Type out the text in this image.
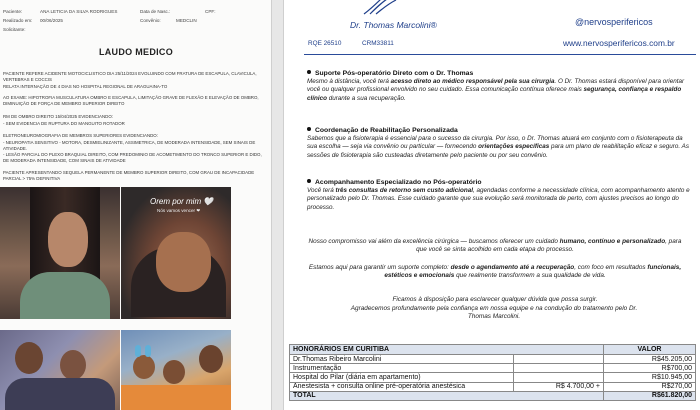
Paciente:	ANA LETICIA DA SILVA RODRIGUES	Data de Nasc.:	CPF:
Realizado em: 00/06/2025	Convênio:	MEDCLIN
Solicitante:
LAUDO MEDICO
PACIENTE REFERE ACIDENTE MOTOCICLISTICO DIA 25/11/2024 EVOLUINDO COM FRATURA DE ESCAPULA, CLAVICULA, VERTEBRAS E COCCIS
RELATA INTERNAÇÃO DE 4 DIAS NO HOSPITAL REGIONAL DE ARAGUAINA-TO
AO EXAME: HIPOTROFIA MUSCULATURA OMBRO E ESCAPULA, LIMITAÇÃO GRAVE DE FLEXÃO E ELEVAÇÃO DE OMBRO, DIMINUIÇÃO DE FORÇA DE MEMBRO SUPERIOR DIREITO
RM DE OMBRO DIREITO 15/04/2025 EVIDENCIANDO:
- SEM EVIDENCIA DE RUPTURA DO MANGUITO ROTADOR
ELETRONEUROMIOGRAFIA DE MEMBROS SUPERIORES EVIDENCIANDO:
- NEUROPATIA SENSITIVO - MOTORA, DESMIELINIZANTE, ASSIMETRICA, DE MODERADA INTENSIDADE, SEM SINAIS DE ATIVIDADE.
- LESÃO PARCIAL DO PLEXO BRAQUIAL DIREITO, COM PREDOMINIO DE ACOMETIMENTO DO TRONCO SUPERIOR E DIDO, DE MODERADA INTENSIDADE, COM SINAIS DE ATIVIDADE
PACIENTE APRESENTANDO SEQUELA PERMANENTE DE MEMBRO SUPERIOR DIREITO, COM GRAU DE INCAPACIDADE PARCIAL > 75% DEFINITIVA
Orem por mim 🤍
Nós vamos vencer ❤
Dr. Thomas Marcolini®	@nervosperifericos
RQE 26510	CRM33811	www.nervosperifericos.com.br
Suporte Pós-operatório Direto com o Dr. Thomas

Mesmo à distância, você terá acesso direto ao médico responsável pela sua cirurgia. O Dr. Thomas estará disponível para orientar você ou qualquer profissional envolvido no seu cuidado. Essa comunicação contínua oferece mais segurança, confiança e respaldo clínico durante a sua recuperação.

Coordenação de Reabilitação Personalizada

Sabemos que a fisioterapia é essencial para o sucesso da cirurgia. Por isso, o Dr. Thomas atuará em conjunto com o fisioterapeuta da sua escolha — seja via convênio ou particular — fornecendo orientações específicas para um plano de reabilitação eficaz e seguro. As sessões de fisioterapia são custeadas diretamente pelo paciente ou por seu convênio.

Acompanhamento Especializado no Pós-operatório

Você terá três consultas de retorno sem custo adicional, agendadas conforme a necessidade clínica, com acompanhamento atento e personalizado pelo Dr. Thomas. Esse cuidado garante que sua evolução será monitorada de perto, com ajustes precisos ao longo do processo.

Nosso compromisso vai além da excelência cirúrgica — buscamos oferecer um cuidado humano, contínuo e personalizado, para que você se sinta acolhido em cada etapa do processo.
Estamos aqui para garantir um suporte completo: desde o agendamento até a recuperação, com foco em resultados funcionais, estéticos e emocionais que realmente transformem a sua qualidade de vida.
Ficamos à disposição para esclarecer qualquer dúvida que possa surgir.
Agradecemos profundamente pela confiança em nossa equipe e na condução do tratamento pelo Dr. Thomas Marcolini.
HONORÁRIOS EM CURITIBA		VALOR
Dr.Thomas Ribeiro Marcolini		R$45.205,00
Instrumentação		R$700,00
Hospital do Pilar (diária em apartamento)		R$10.945,00
Anestesista + consulta online pré-operatória anestésica	R$ 4.700,00 +	R$270,00
TOTAL		R$61.820,00
